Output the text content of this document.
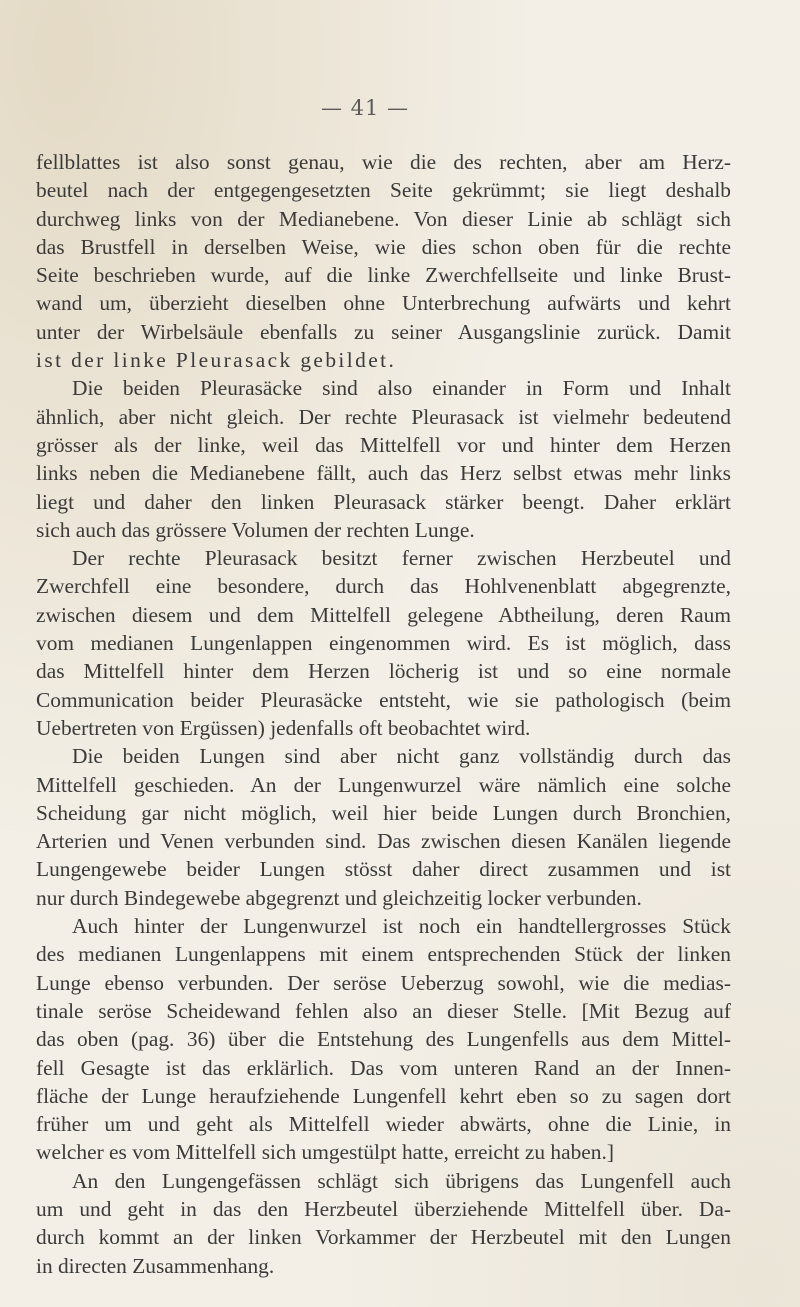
— 41 —
fellblattes ist also sonst genau, wie die des rechten, aber am Herz-
beutel nach der entgegengesetzten Seite gekrümmt; sie liegt deshalb
durchweg links von der Medianebene. Von dieser Linie ab schlägt sich
das Brustfell in derselben Weise, wie dies schon oben für die rechte
Seite beschrieben wurde, auf die linke Zwerchfellseite und linke Brust-
wand um, überzieht dieselben ohne Unterbrechung aufwärts und kehrt
unter der Wirbelsäule ebenfalls zu seiner Ausgangslinie zurück. Damit
ist der linke Pleurasack gebildet.
Die beiden Pleurasäcke sind also einander in Form und Inhalt
ähnlich, aber nicht gleich. Der rechte Pleurasack ist vielmehr bedeutend
grösser als der linke, weil das Mittelfell vor und hinter dem Herzen
links neben die Medianebene fällt, auch das Herz selbst etwas mehr links
liegt und daher den linken Pleurasack stärker beengt. Daher erklärt
sich auch das grössere Volumen der rechten Lunge.
Der rechte Pleurasack besitzt ferner zwischen Herzbeutel und
Zwerchfell eine besondere, durch das Hohlvenenblatt abgegrenzte,
zwischen diesem und dem Mittelfell gelegene Abtheilung, deren Raum
vom medianen Lungenlappen eingenommen wird. Es ist möglich, dass
das Mittelfell hinter dem Herzen löcherig ist und so eine normale
Communication beider Pleurasäcke entsteht, wie sie pathologisch (beim
Uebertreten von Ergüssen) jedenfalls oft beobachtet wird.
Die beiden Lungen sind aber nicht ganz vollständig durch das
Mittelfell geschieden. An der Lungenwurzel wäre nämlich eine solche
Scheidung gar nicht möglich, weil hier beide Lungen durch Bronchien,
Arterien und Venen verbunden sind. Das zwischen diesen Kanälen liegende
Lungengewebe beider Lungen stösst daher direct zusammen und ist
nur durch Bindegewebe abgegrenzt und gleichzeitig locker verbunden.
Auch hinter der Lungenwurzel ist noch ein handtellergrosses Stück
des medianen Lungenlappens mit einem entsprechenden Stück der linken
Lunge ebenso verbunden. Der seröse Ueberzug sowohl, wie die medias-
tinale seröse Scheidewand fehlen also an dieser Stelle. [Mit Bezug auf
das oben (pag. 36) über die Entstehung des Lungenfells aus dem Mittel-
fell Gesagte ist das erklärlich. Das vom unteren Rand an der Innen-
fläche der Lunge heraufziehende Lungenfell kehrt eben so zu sagen dort
früher um und geht als Mittelfell wieder abwärts, ohne die Linie, in
welcher es vom Mittelfell sich umgestülpt hatte, erreicht zu haben.]
An den Lungengefässen schlägt sich übrigens das Lungenfell auch
um und geht in das den Herzbeutel überziehende Mittelfell über. Da-
durch kommt an der linken Vorkammer der Herzbeutel mit den Lungen
in directen Zusammenhang.
